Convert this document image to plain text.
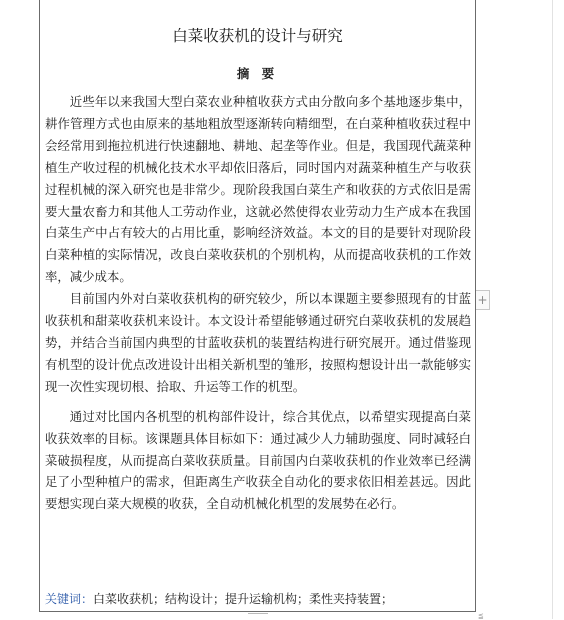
+
≦
白菜收获机的设计与研究
摘 要

近些年以来我国大型白菜农业种植收获方式由分散向多个基地逐步集中，耕作管理方式也由原来的基地粗放型逐渐转向精细型，在白菜种植收获过程中会经常用到拖拉机进行快速翻地、耕地、起垄等作业。但是，我国现代蔬菜种植生产收过程的机械化技术水平却依旧落后，同时国内对蔬菜种植生产与收获过程机械的深入研究也是非常少。现阶段我国白菜生产和收获的方式依旧是需要大量农畜力和其他人工劳动作业，这就必然使得农业劳动力生产成本在我国白菜生产中占有较大的占用比重，影响经济效益。本文的目的是要针对现阶段白菜种植的实际情况，改良白菜收获机的个别机构，从而提高收获机的工作效率，减少成本。

目前国内外对白菜收获机构的研究较少，所以本课题主要参照现有的甘蓝收获机和甜菜收获机来设计。本文设计希望能够通过研究白菜收获机的发展趋势，并结合当前国内典型的甘蓝收获机的装置结构进行研究展开。通过借鉴现有机型的设计优点改进设计出相关新机型的雏形，按照构想设计出一款能够实现一次性实现切根、拾取、升运等工作的机型。

通过对比国内各机型的机构部件设计，综合其优点，以希望实现提高白菜收获效率的目标。该课题具体目标如下：通过减少人力辅助强度、同时减轻白菜破损程度，从而提高白菜收获质量。目前国内白菜收获机的作业效率已经满足了小型种植户的需求，但距离生产收获全自动化的要求依旧相差甚远。因此要想实现白菜大规模的收获，全自动机械化机型的发展势在必行。

关键词：白菜收获机；结构设计；提升运输机构；柔性夹持装置；
